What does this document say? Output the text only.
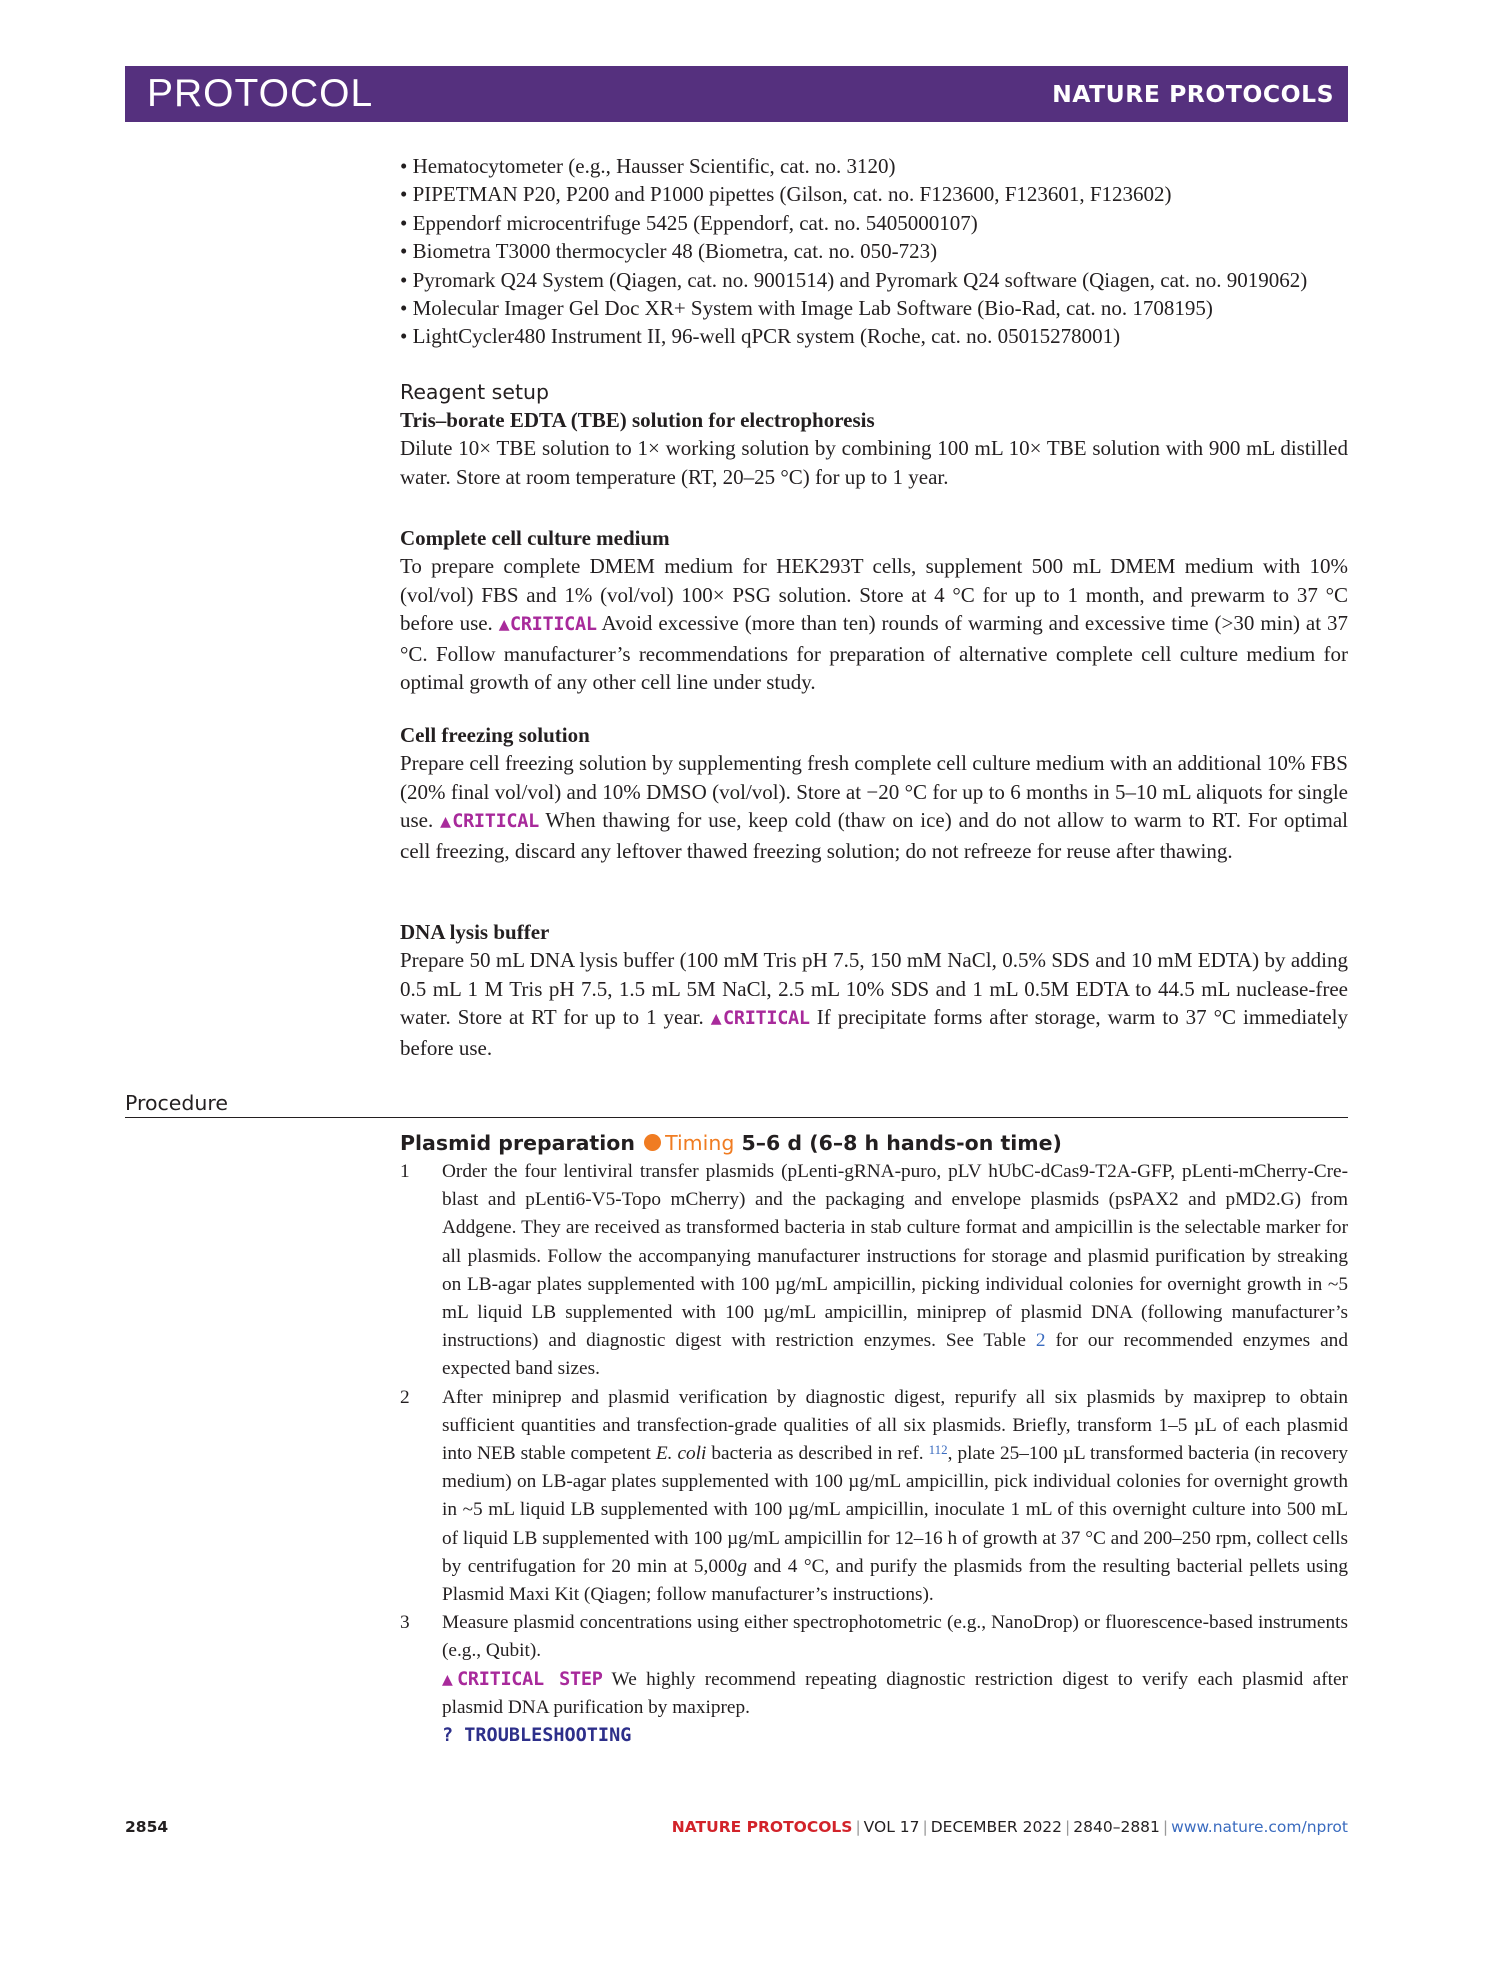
PROTOCOL	NATURE PROTOCOLS
• Hematocytometer (e.g., Hausser Scientific, cat. no. 3120)
• PIPETMAN P20, P200 and P1000 pipettes (Gilson, cat. no. F123600, F123601, F123602)
• Eppendorf microcentrifuge 5425 (Eppendorf, cat. no. 5405000107)
• Biometra T3000 thermocycler 48 (Biometra, cat. no. 050-723)
• Pyromark Q24 System (Qiagen, cat. no. 9001514) and Pyromark Q24 software (Qiagen, cat. no. 9019062)
• Molecular Imager Gel Doc XR+ System with Image Lab Software (Bio-Rad, cat. no. 1708195)
• LightCycler480 Instrument II, 96-well qPCR system (Roche, cat. no. 05015278001)
Reagent setup

Tris–borate EDTA (TBE) solution for electrophoresis

Dilute 10× TBE solution to 1× working solution by combining 100 mL 10× TBE solution with 900 mL distilled water. Store at room temperature (RT, 20–25 °C) for up to 1 year.

Complete cell culture medium

To prepare complete DMEM medium for HEK293T cells, supplement 500 mL DMEM medium with 10% (vol/vol) FBS and 1% (vol/vol) 100× PSG solution. Store at 4 °C for up to 1 month, and prewarm to 37 °C before use. ▲CRITICAL Avoid excessive (more than ten) rounds of warming and excessive time (>30 min) at 37 °C. Follow manufacturer’s recommendations for preparation of alternative complete cell culture medium for optimal growth of any other cell line under study.

Cell freezing solution

Prepare cell freezing solution by supplementing fresh complete cell culture medium with an additional 10% FBS (20% final vol/vol) and 10% DMSO (vol/vol). Store at −20 °C for up to 6 months in 5–10 mL aliquots for single use. ▲CRITICAL When thawing for use, keep cold (thaw on ice) and do not allow to warm to RT. For optimal cell freezing, discard any leftover thawed freezing solution; do not refreeze for reuse after thawing.

DNA lysis buffer

Prepare 50 mL DNA lysis buffer (100 mM Tris pH 7.5, 150 mM NaCl, 0.5% SDS and 10 mM EDTA) by adding 0.5 mL 1 M Tris pH 7.5, 1.5 mL 5M NaCl, 2.5 mL 10% SDS and 1 mL 0.5M EDTA to 44.5 mL nuclease-free water. Store at RT for up to 1 year. ▲CRITICAL If precipitate forms after storage, warm to 37 °C immediately before use.

Procedure
Plasmid preparation Timing 5–6 d (6–8 h hands-on time)

1 Order the four lentiviral transfer plasmids (pLenti-gRNA-puro, pLV hUbC-dCas9-T2A-GFP, pLenti-mCherry-Cre-blast and pLenti6-V5-Topo mCherry) and the packaging and envelope plasmids (psPAX2 and pMD2.G) from Addgene. They are received as transformed bacteria in stab culture format and ampicillin is the selectable marker for all plasmids. Follow the accompanying manufacturer instructions for storage and plasmid purification by streaking on LB-agar plates supplemented with 100 µg/mL ampicillin, picking individual colonies for overnight growth in ~5 mL liquid LB supplemented with 100 µg/mL ampicillin, miniprep of plasmid DNA (following manufacturer’s instructions) and diagnostic digest with restriction enzymes. See Table 2 for our recommended enzymes and expected band sizes.

2 After miniprep and plasmid verification by diagnostic digest, repurify all six plasmids by maxiprep to obtain sufficient quantities and transfection-grade qualities of all six plasmids. Briefly, transform 1–5 µL of each plasmid into NEB stable competent E. coli bacteria as described in ref. $^{112}$, plate 25–100 µL transformed bacteria (in recovery medium) on LB-agar plates supplemented with 100 µg/mL ampicillin, pick individual colonies for overnight growth in ~5 mL liquid LB supplemented with 100 µg/mL ampicillin, inoculate 1 mL of this overnight culture into 500 mL of liquid LB supplemented with 100 µg/mL ampicillin for 12–16 h of growth at 37 °C and 200–250 rpm, collect cells by centrifugation for 20 min at 5,000g and 4 °C, and purify the plasmids from the resulting bacterial pellets using Plasmid Maxi Kit (Qiagen; follow manufacturer’s instructions).

3 Measure plasmid concentrations using either spectrophotometric (e.g., NanoDrop) or fluorescence-based instruments (e.g., Qubit).

▲CRITICAL STEP We highly recommend repeating diagnostic restriction digest to verify each plasmid after plasmid DNA purification by maxiprep.

? TROUBLESHOOTING

2854	NATURE PROTOCOLS | VOL 17 | DECEMBER 2022 | 2840–2881 | www.nature.com/nprot
